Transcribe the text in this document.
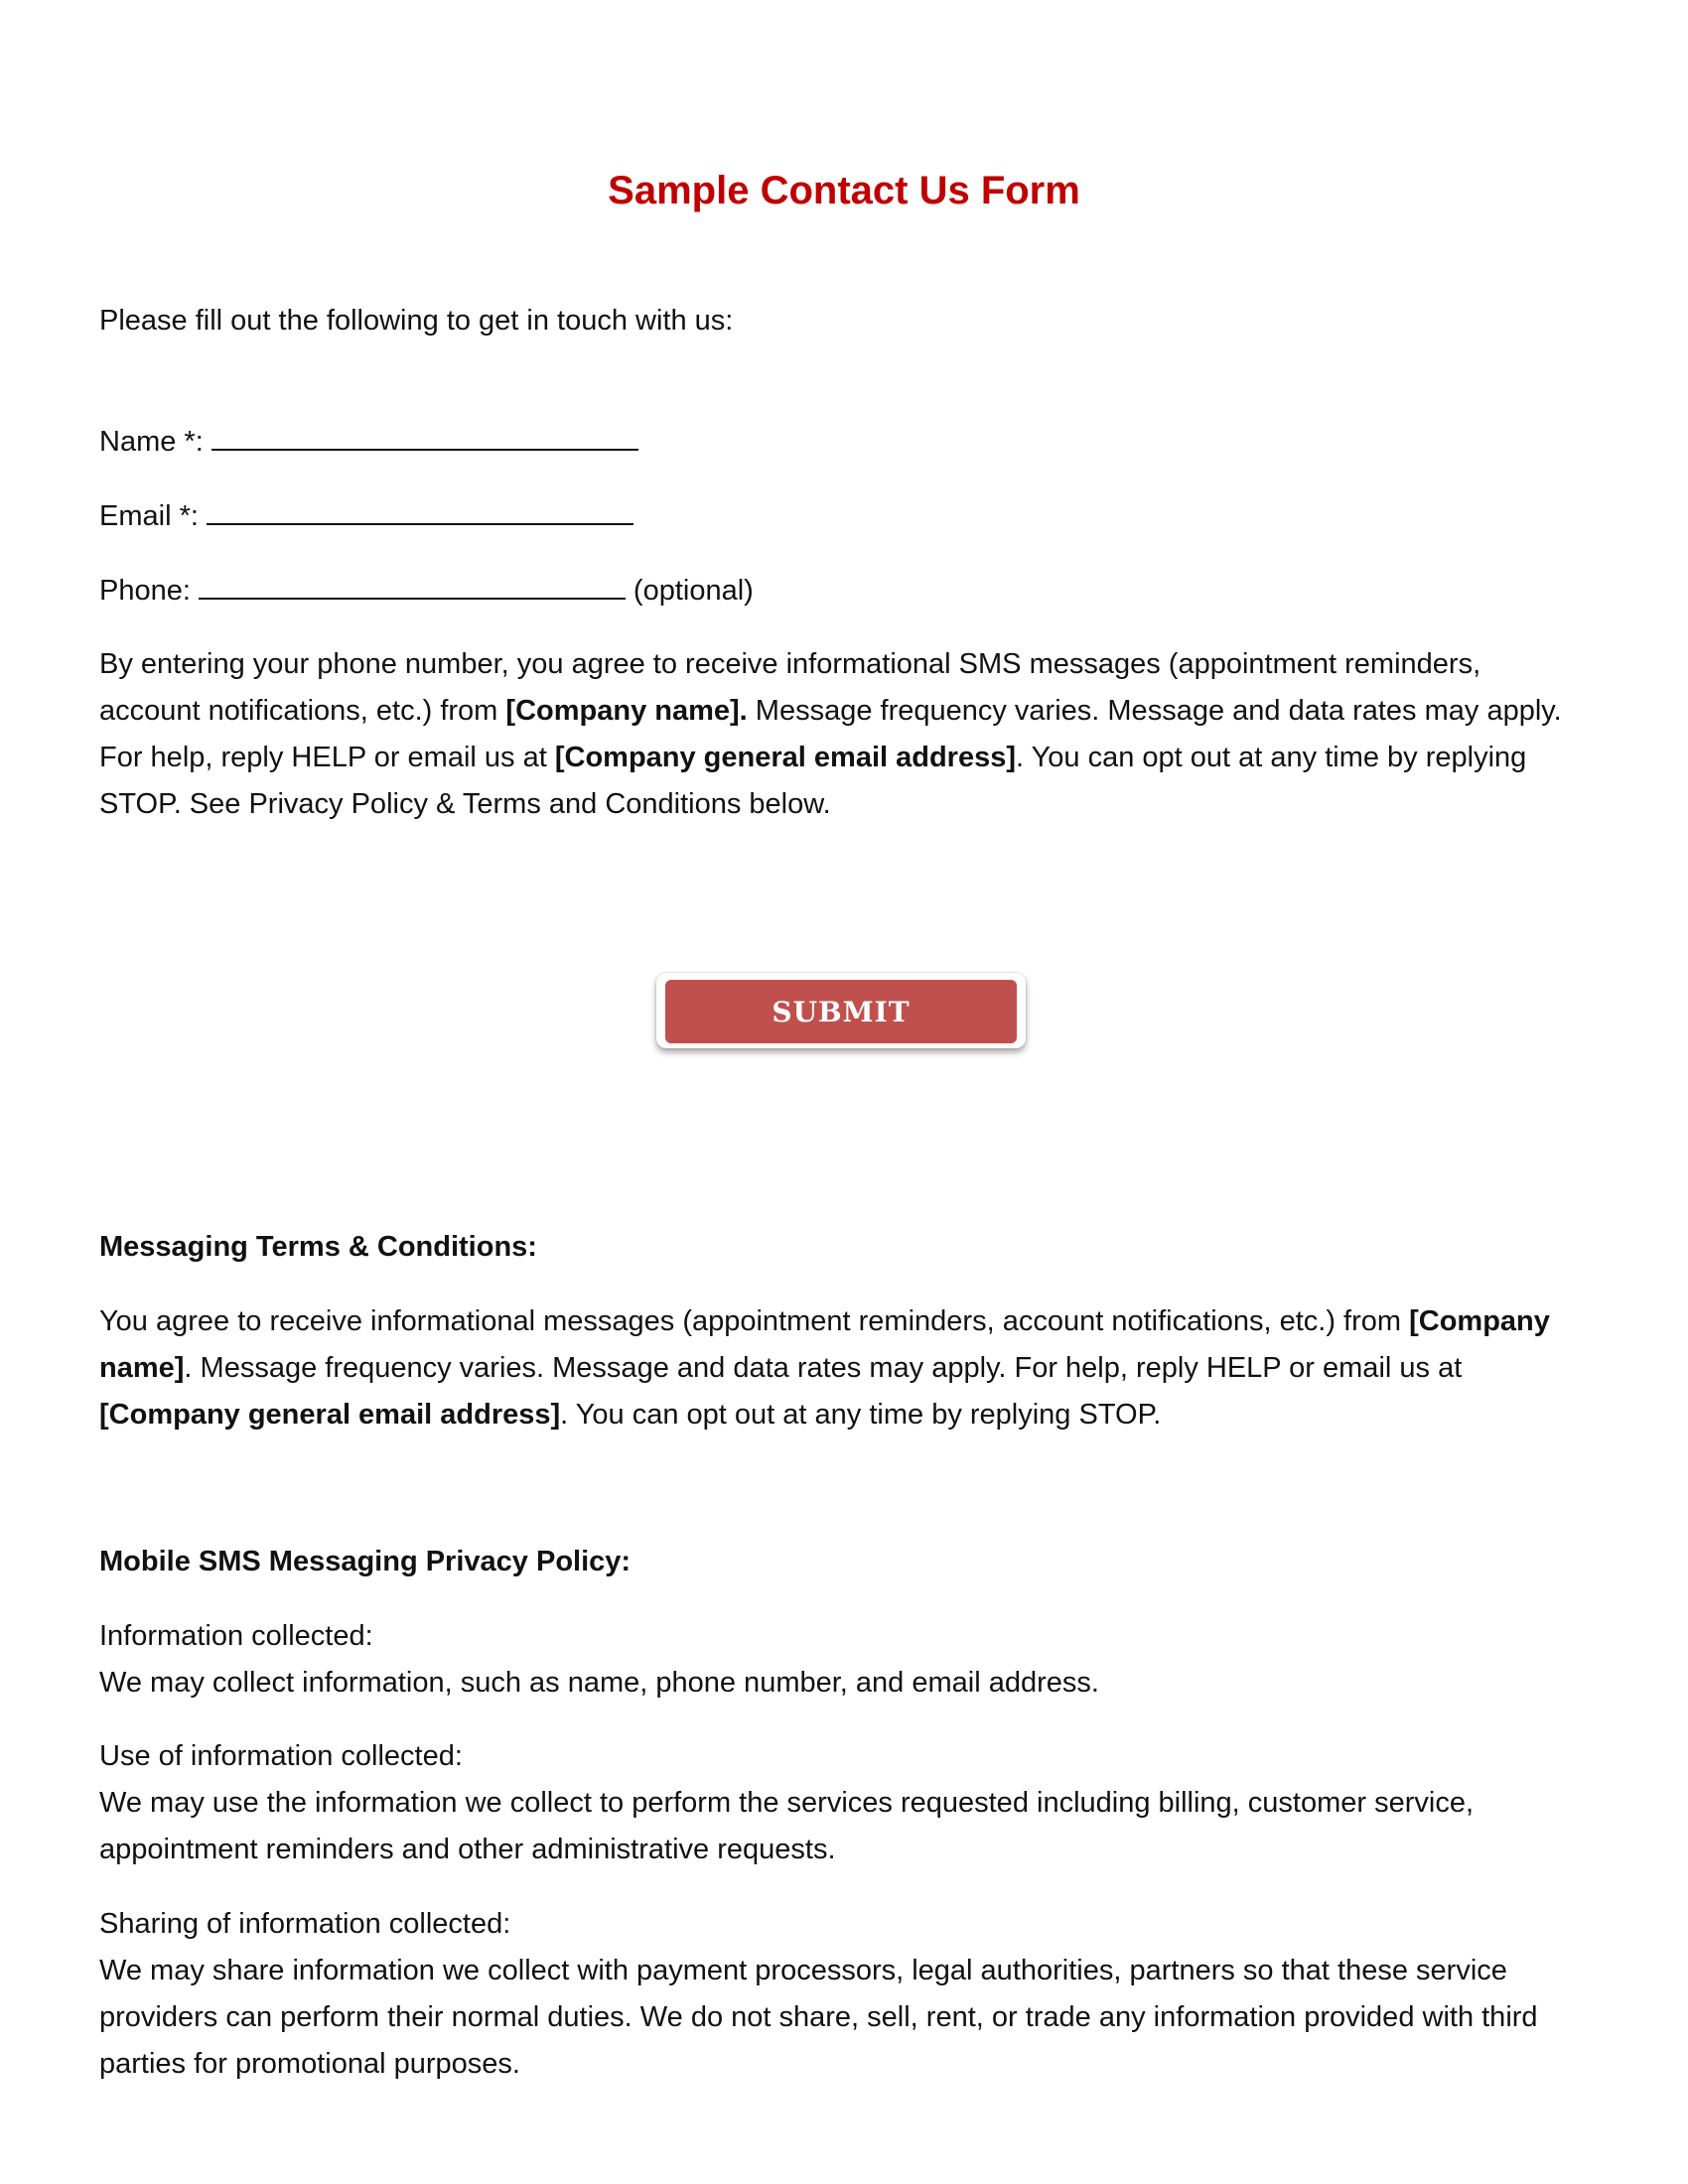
Sample Contact Us Form
Please fill out the following to get in touch with us:
Name *:
Email *:
Phone:	(optional)
By entering your phone number, you agree to receive informational SMS messages (appointment reminders, account notifications, etc.) from [Company name]. Message frequency varies. Message and data rates may apply. For help, reply HELP or email us at [Company general email address]. You can opt out at any time by replying STOP. See Privacy Policy & Terms and Conditions below.
SUBMIT
Messaging Terms & Conditions:
You agree to receive informational messages (appointment reminders, account notifications, etc.) from [Company name]. Message frequency varies. Message and data rates may apply. For help, reply HELP or email us at [Company general email address]. You can opt out at any time by replying STOP.
Mobile SMS Messaging Privacy Policy:
Information collected:
We may collect information, such as name, phone number, and email address.
Use of information collected:
We may use the information we collect to perform the services requested including billing, customer service, appointment reminders and other administrative requests.
Sharing of information collected:
We may share information we collect with payment processors, legal authorities, partners so that these service providers can perform their normal duties. We do not share, sell, rent, or trade any information provided with third parties for promotional purposes.
